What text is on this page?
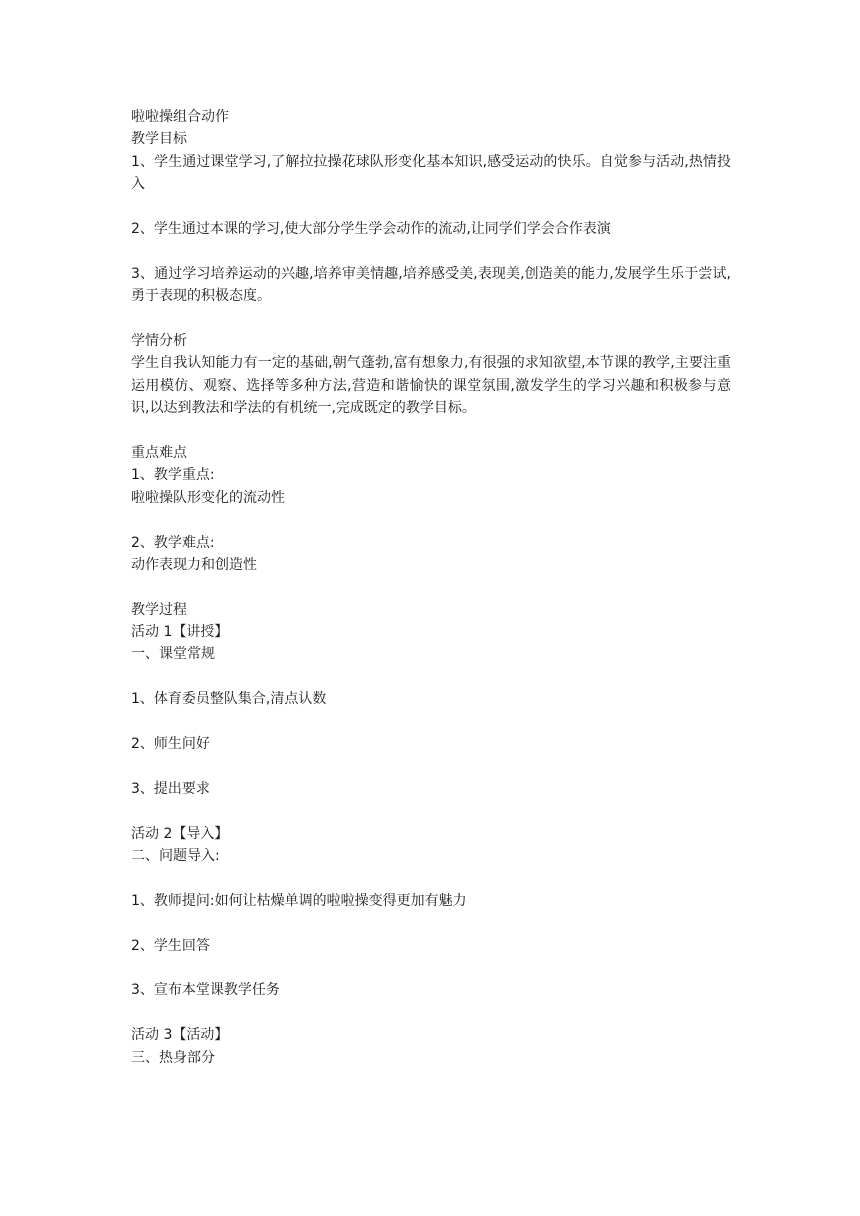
啦啦操组合动作
教学目标
1、学生通过课堂学习,了解拉拉操花球队形变化基本知识,感受运动的快乐。自觉参与活动,热情投入
2、学生通过本课的学习,使大部分学生学会动作的流动,让同学们学会合作表演
3、通过学习培养运动的兴趣,培养审美情趣,培养感受美,表现美,创造美的能力,发展学生乐于尝试,勇于表现的积极态度。
学情分析
学生自我认知能力有一定的基础,朝气蓬勃,富有想象力,有很强的求知欲望,本节课的教学,主要注重运用模仿、观察、选择等多种方法,营造和谐愉快的课堂氛围,激发学生的学习兴趣和积极参与意识,以达到教法和学法的有机统一,完成既定的教学目标。
重点难点
1、教学重点:
啦啦操队形变化的流动性
2、教学难点:
动作表现力和创造性
教学过程
活动 1【讲授】
一、课堂常规
1、体育委员整队集合,清点认数
2、师生问好
3、提出要求
活动 2【导入】
二、问题导入:
1、教师提问:如何让枯燥单调的啦啦操变得更加有魅力
2、学生回答
3、宣布本堂课教学任务
活动 3【活动】
三、热身部分
